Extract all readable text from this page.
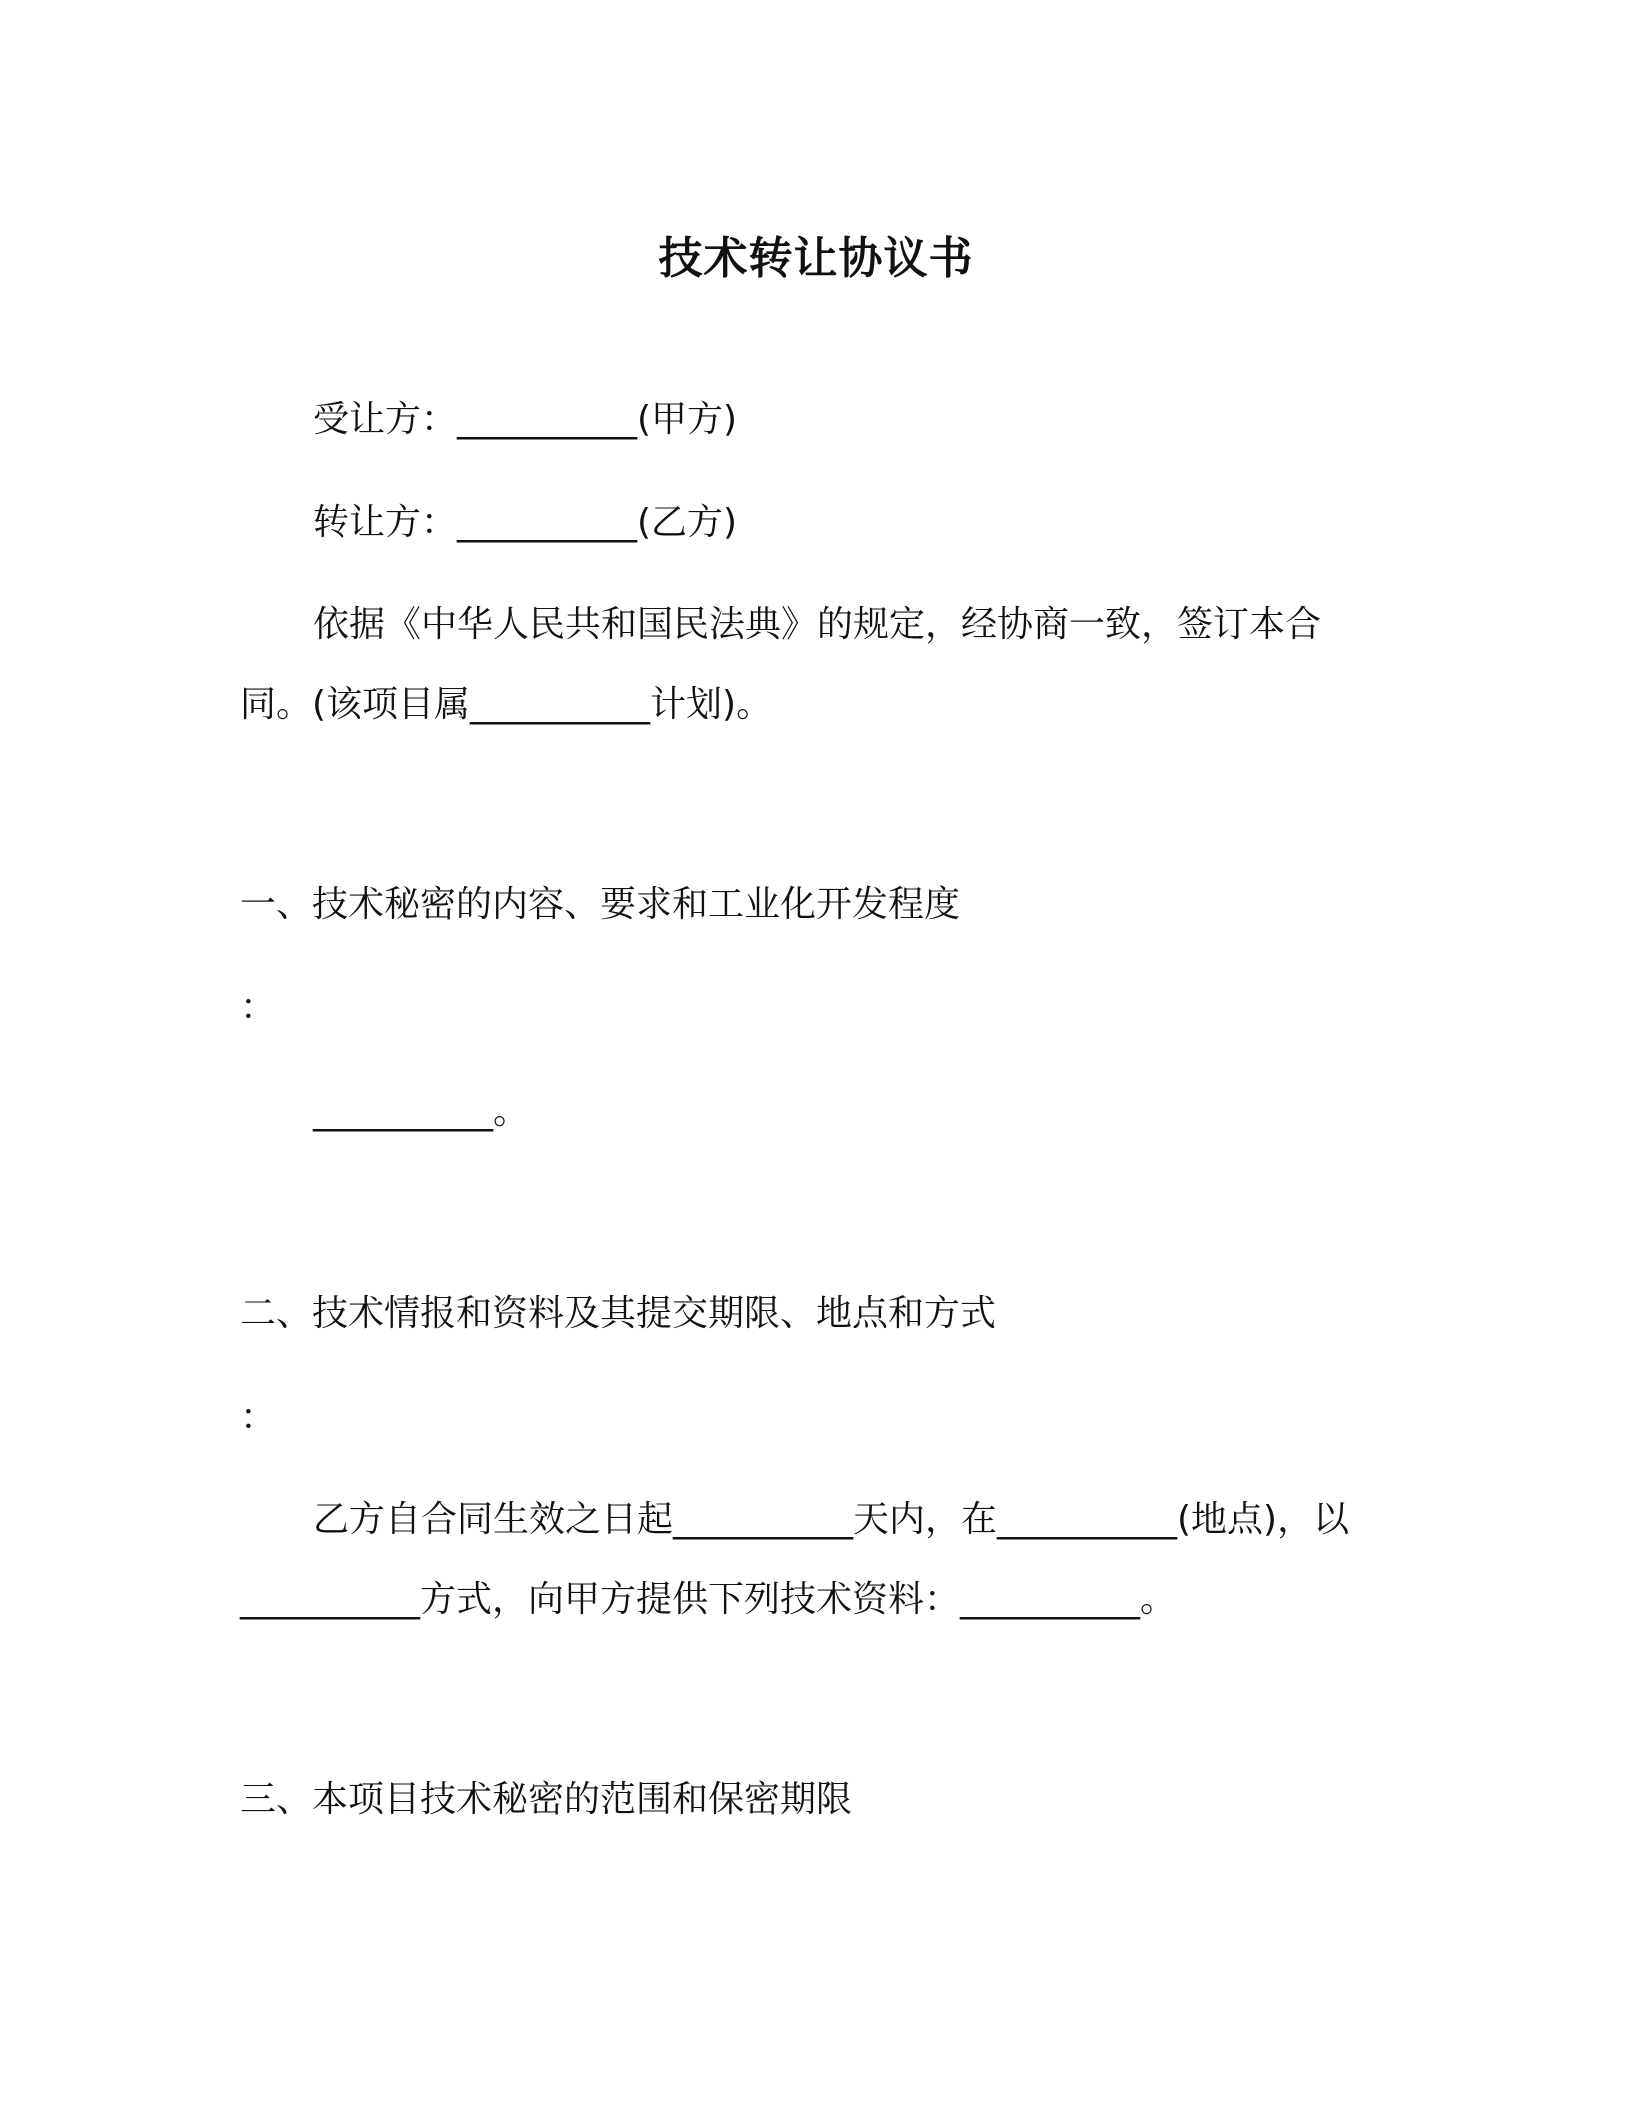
技术转让协议书
受让方：__________(甲方)
转让方：__________(乙方)
依据《中华人民共和国民法典》的规定，经协商一致，签订本合
同。(该项目属__________计划)。
一、技术秘密的内容、要求和工业化开发程度
：
__________。
二、技术情报和资料及其提交期限、地点和方式
：
乙方自合同生效之日起__________天内，在__________(地点)，以
__________方式，向甲方提供下列技术资料：__________。
三、本项目技术秘密的范围和保密期限
